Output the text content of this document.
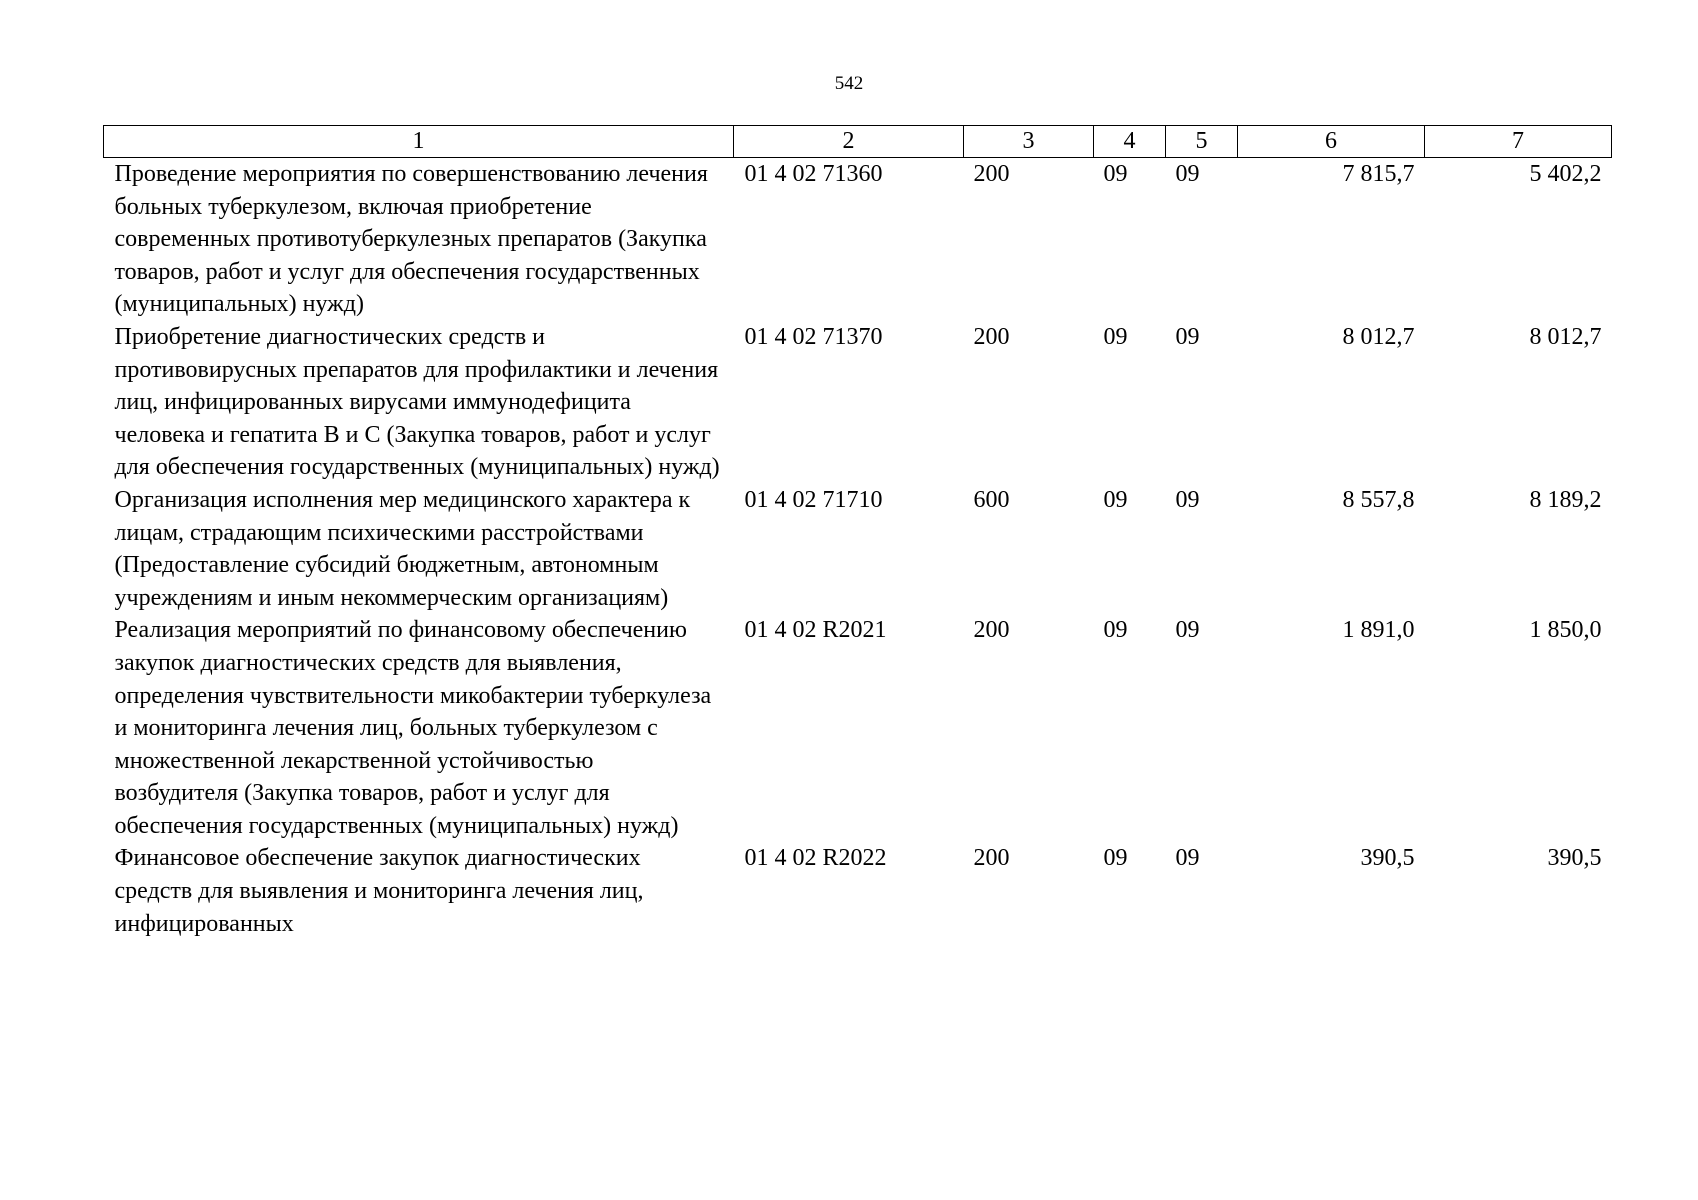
542
1	2	3	4	5	6	7
Проведение мероприятия по совершенствованию лечения больных туберкулезом, включая приобретение современных противотуберкулезных препаратов (Закупка товаров, работ и услуг для обеспечения государственных (муниципальных) нужд)	01 4 02 71360	200	09	09	7 815,7	5 402,2
Приобретение диагностических средств и противовирусных препаратов для профилактики и лечения лиц, инфицированных вирусами иммунодефицита человека и гепатита В и С (Закупка товаров, работ и услуг для обеспечения государственных (муниципальных) нужд)	01 4 02 71370	200	09	09	8 012,7	8 012,7
Организация исполнения мер медицинского характера к лицам, страдающим психическими расстройствами (Предоставление субсидий бюджетным, автономным учреждениям и иным некоммерческим организациям)	01 4 02 71710	600	09	09	8 557,8	8 189,2
Реализация мероприятий по финансовому обеспечению закупок диагностических средств для выявления, определения чувствительности микобактерии туберкулеза и мониторинга лечения лиц, больных туберкулезом с множественной лекарственной устойчивостью возбудителя (Закупка товаров, работ и услуг для обеспечения государственных (муниципальных) нужд)	01 4 02 R2021	200	09	09	1 891,0	1 850,0
Финансовое обеспечение закупок диагностических средств для выявления и мониторинга лечения лиц, инфицированных	01 4 02 R2022	200	09	09	390,5	390,5
